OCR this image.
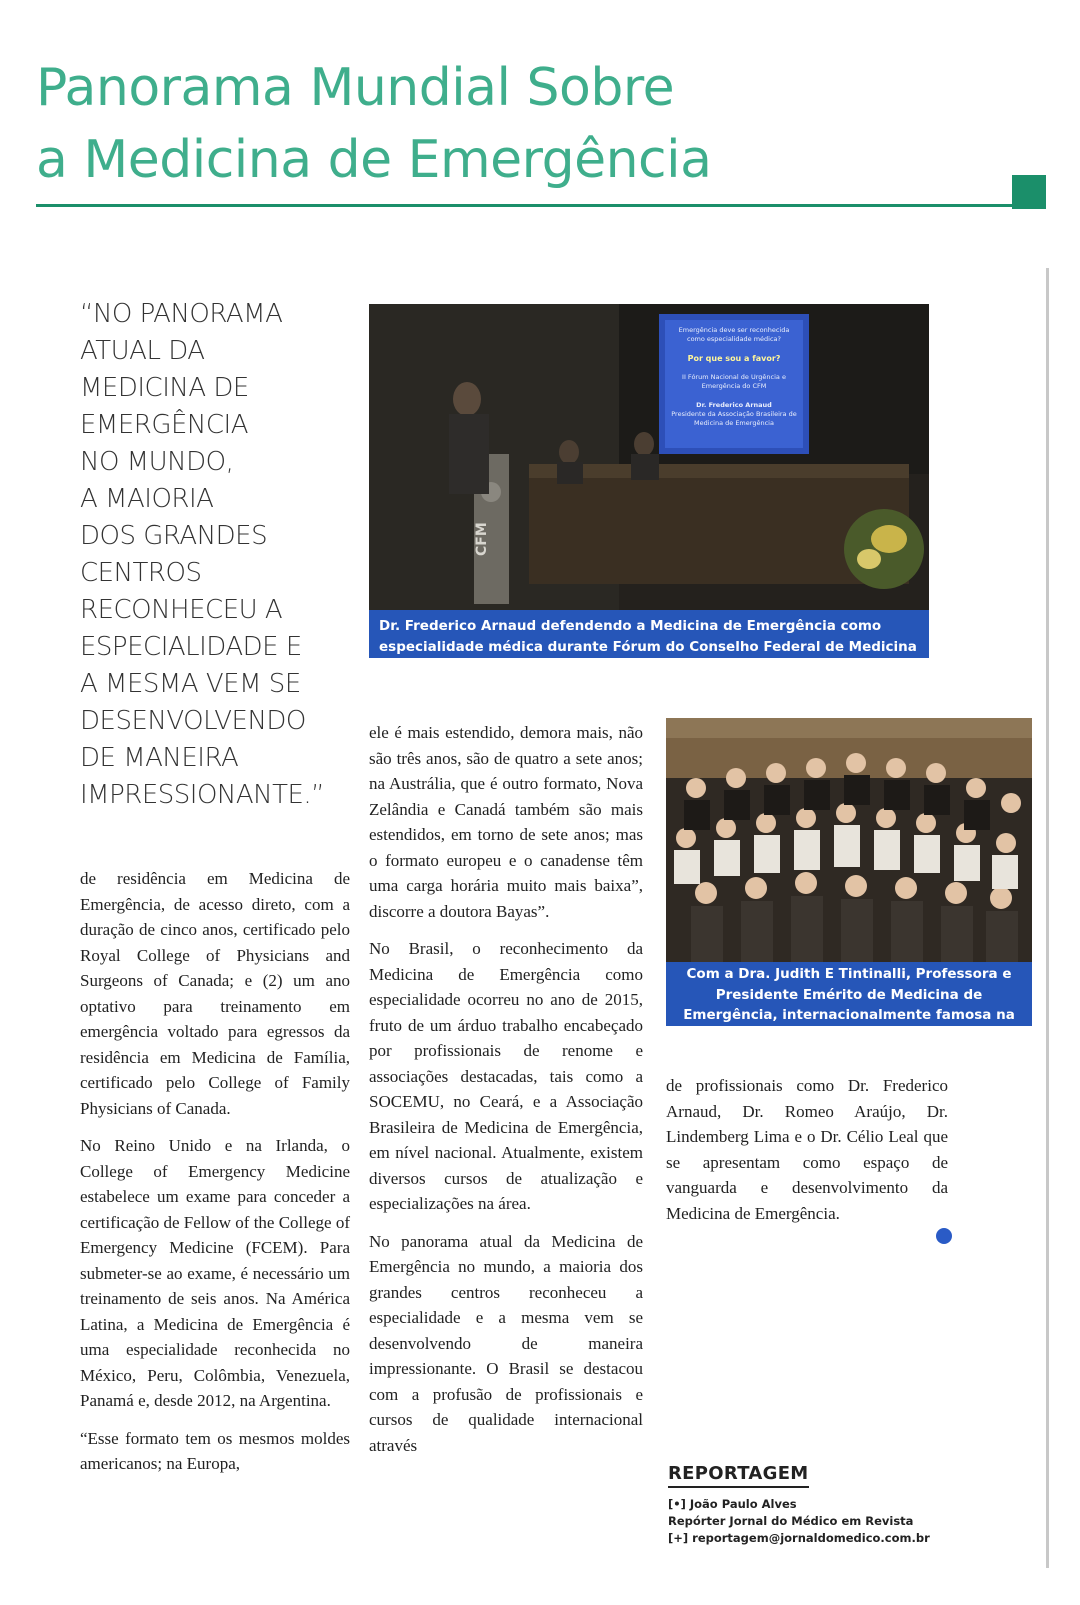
Panorama Mundial Sobre
a Medicina de Emergência

“NO PANORAMA

ATUAL DA

MEDICINA DE

EMERGÊNCIA

NO MUNDO,

A MAIORIA

DOS GRANDES

CENTROS

RECONHECEU A

ESPECIALIDADE E

A MESMA VEM SE

DESENVOLVENDO

DE MANEIRA

IMPRESSIONANTE.”

Emergência deve ser reconhecida
como especialidade médica?
Por que sou a favor?
II Fórum Nacional de Urgência e Emergência do CFM
Dr. Frederico Arnaud
Presidente da Associação Brasileira de
Medicina de Emergência
CFM
Dr. Frederico Arnaud defendendo a Medicina de Emergência como especialidade médica durante Fórum do Conselho Federal de Medicina
Com a Dra. Judith E Tintinalli, Professora e Presidente Emérito de Medicina de Emergência, internacionalmente famosa na área

de residência em Medicina de Emergência, de acesso direto, com a duração de cinco anos, certificado pelo Royal College of Physicians and Surgeons of Canada; e (2) um ano optativo para treinamento em emergência voltado para egressos da residência em Medicina de Família, certificado pelo College of Family Physicians of Canada.

No Reino Unido e na Irlanda, o College of Emergency Medicine estabelece um exame para conceder a certificação de Fellow of the College of Emergency Medicine (FCEM). Para submeter-se ao exame, é necessário um treinamento de seis anos. Na América Latina, a Medicina de Emergência é uma especialidade reconhecida no México, Peru, Colômbia, Venezuela, Panamá e, desde 2012, na Argentina.

“Esse formato tem os mesmos moldes americanos; na Europa,

ele é mais estendido, demora mais, não são três anos, são de quatro a sete anos; na Austrália, que é outro formato, Nova Zelândia e Canadá também são mais estendidos, em torno de sete anos; mas o formato europeu e o canadense têm uma carga horária muito mais baixa”, discorre a doutora Bayas”.

No Brasil, o reconhecimento da Medicina de Emergência como especialidade ocorreu no ano de 2015, fruto de um árduo trabalho encabeçado por profissionais de renome e associações destacadas, tais como a SOCEMU, no Ceará, e a Associação Brasileira de Medicina de Emergência, em nível nacional. Atualmente, existem diversos cursos de atualização e especializações na área.

No panorama atual da Medicina de Emergência no mundo, a maioria dos grandes centros reconheceu a especialidade e a mesma vem se desenvolvendo de maneira impressionante. O Brasil se destacou com a profusão de profissionais e cursos de qualidade internacional através

de profissionais como Dr. Frederico Arnaud, Dr. Romeo Araújo, Dr. Lindemberg Lima e o Dr. Célio Leal que se apresentam como espaço de vanguarda e desenvolvimento da Medicina de Emergência.

REPORTAGEM
[•] João Paulo Alves
Repórter Jornal do Médico em Revista
[+] reportagem@jornaldomedico.com.br
